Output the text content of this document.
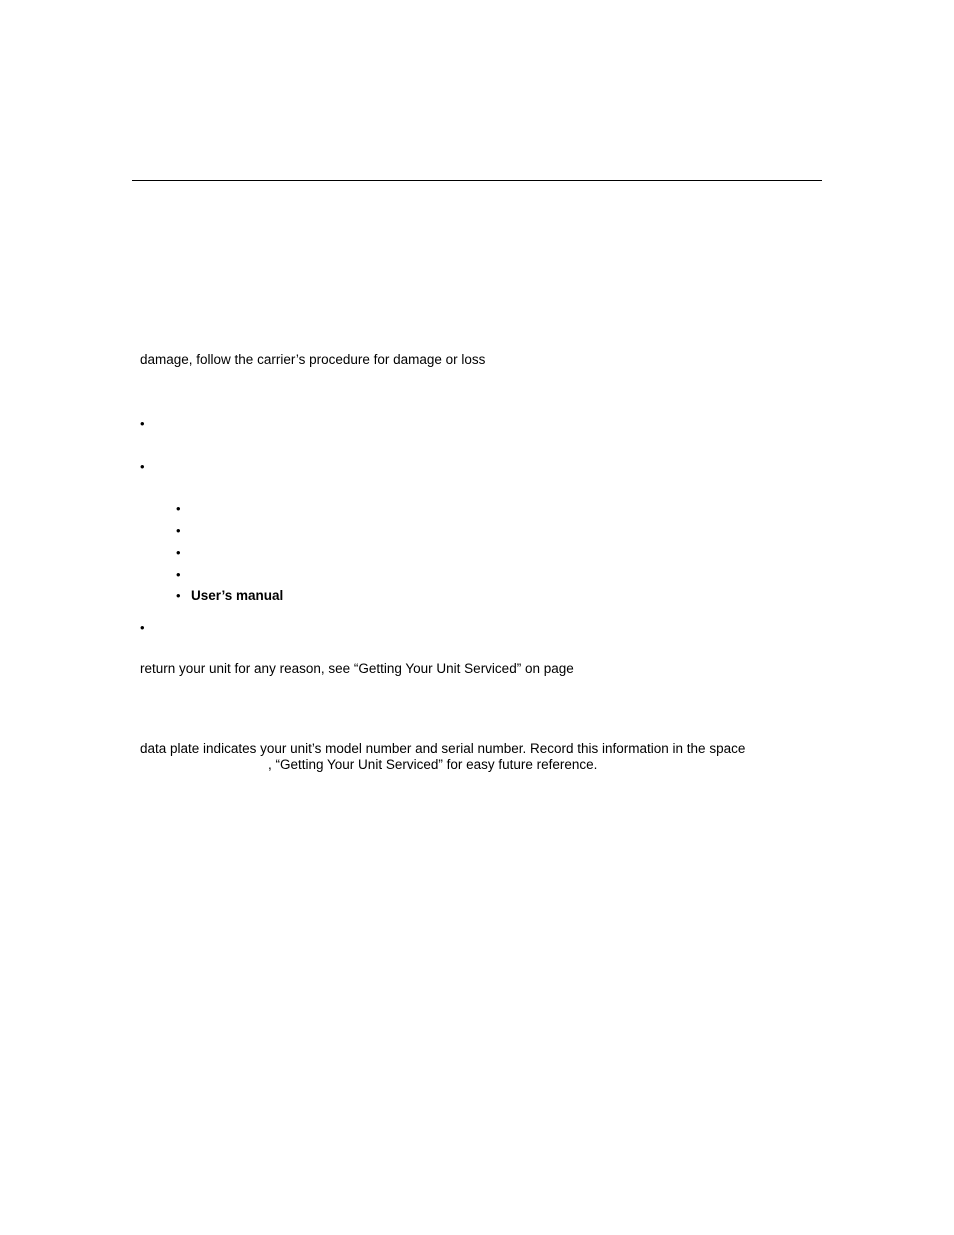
damage, follow the carrier’s procedure for damage or loss
•
•
•
•
•
•
• User’s manual
•
return your unit for any reason, see “Getting Your Unit Serviced” on page
data plate indicates your unit’s model number and serial number. Record this information in the space
, “Getting Your Unit Serviced” for easy future reference.
